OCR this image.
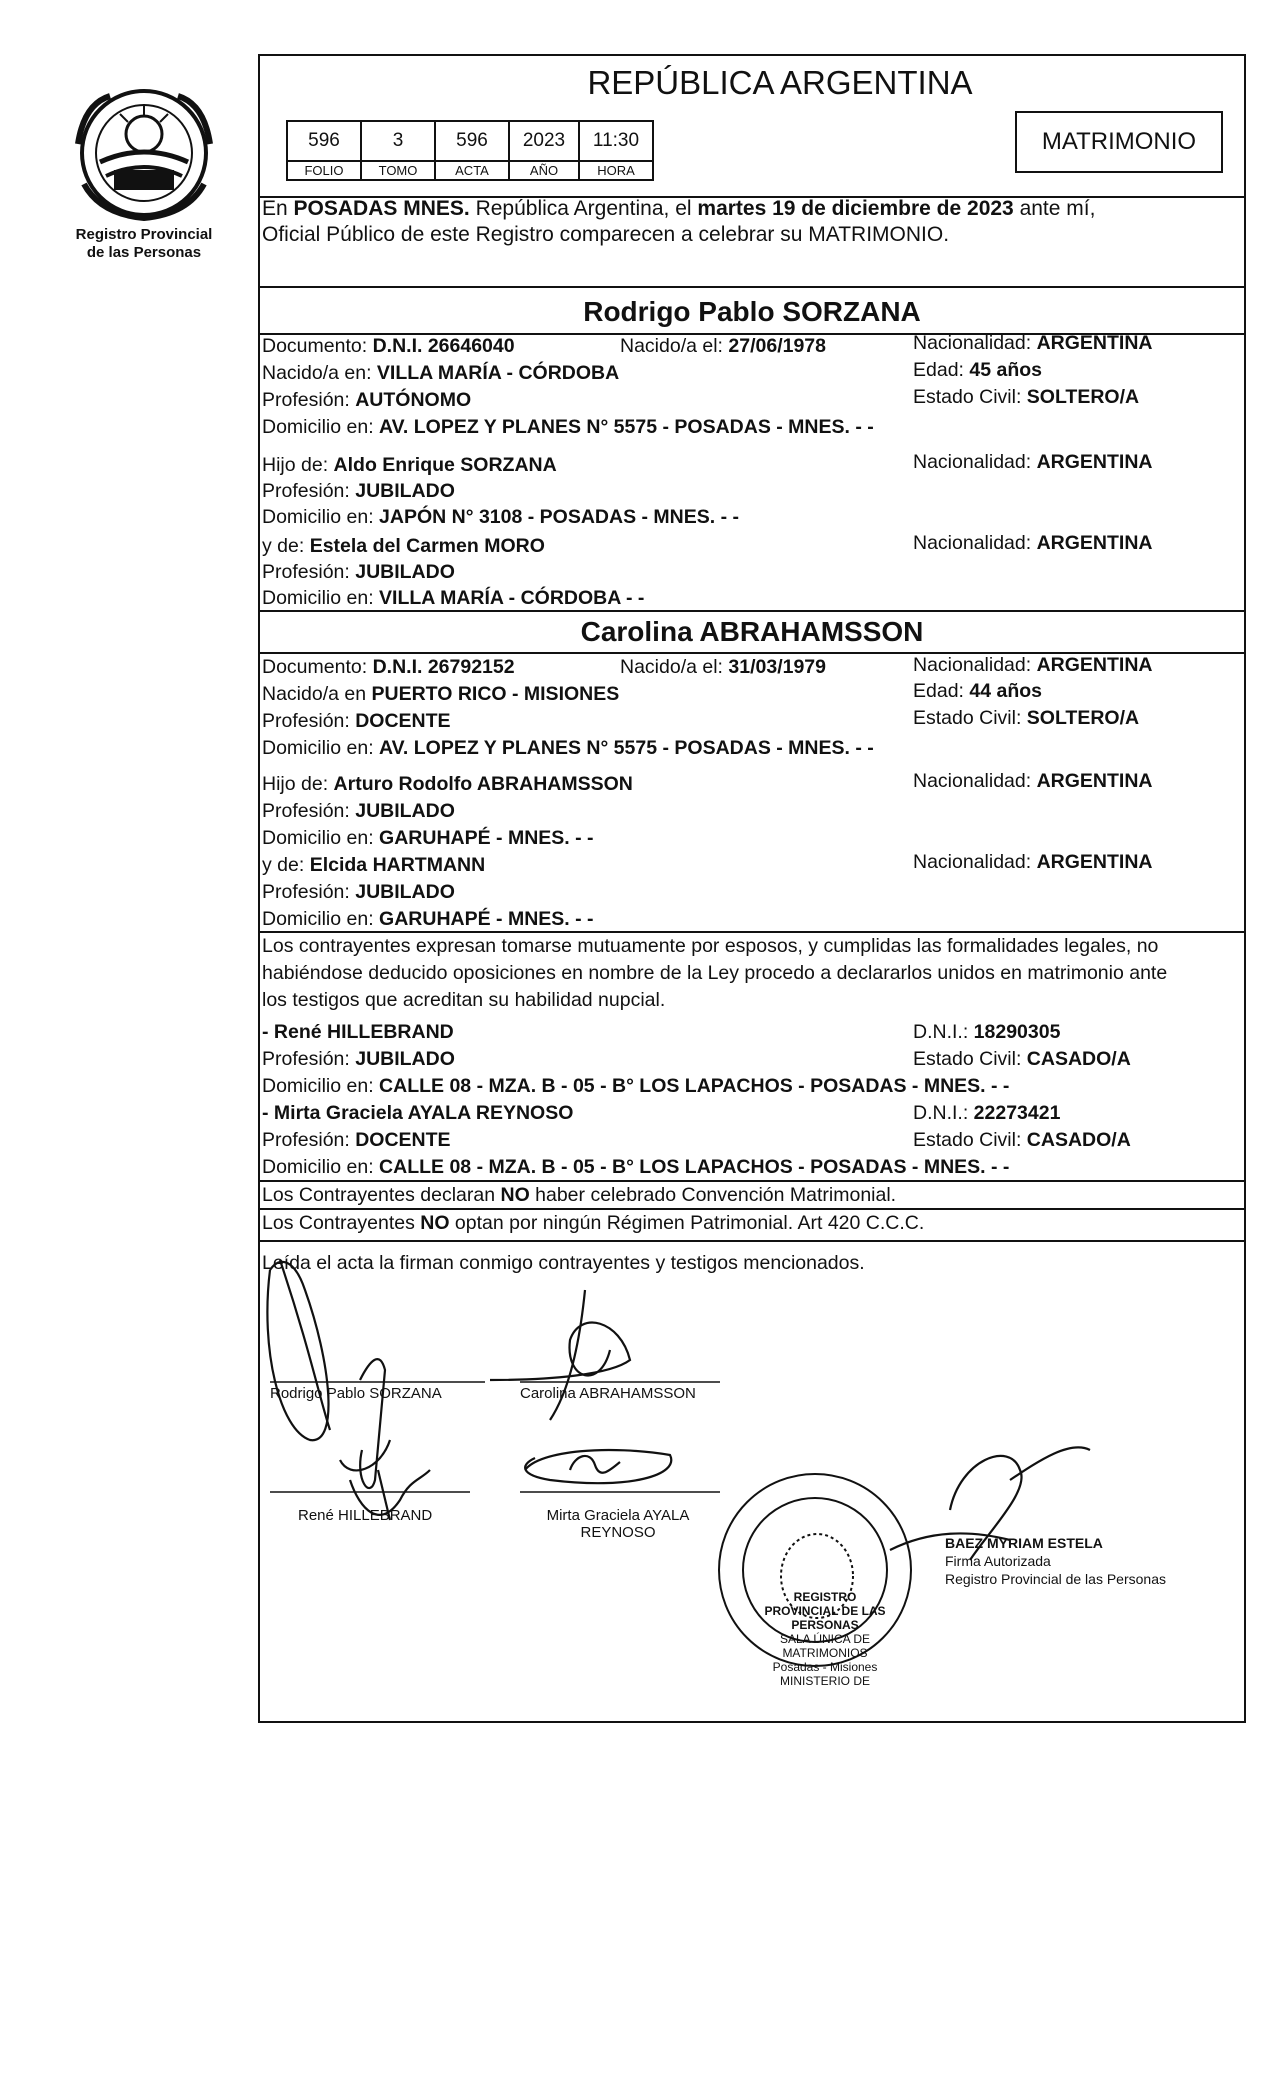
Registro Provincial
de las Personas
REPÚBLICA ARGENTINA
596	3	596	2023	11:30
FOLIO	TOMO	ACTA	AÑO	HORA
MATRIMONIO
En POSADAS MNES. República Argentina, el martes 19 de diciembre de 2023 ante mí,
Oficial Público de este Registro comparecen a celebrar su MATRIMONIO.
Rodrigo Pablo SORZANA
Documento: D.N.I. 26646040	Nacido/a el: 27/06/1978	Nacionalidad: ARGENTINA
Nacido/a en: VILLA MARÍA - CÓRDOBA	Edad: 45 años
Profesión: AUTÓNOMO	Estado Civil: SOLTERO/A
Domicilio en: AV. LOPEZ Y PLANES N° 5575 - POSADAS - MNES. - -
Hijo de: Aldo Enrique SORZANA	Nacionalidad: ARGENTINA
Profesión: JUBILADO
Domicilio en: JAPÓN N° 3108 - POSADAS - MNES. - -
y de: Estela del Carmen MORO	Nacionalidad: ARGENTINA
Profesión: JUBILADO
Domicilio en: VILLA MARÍA - CÓRDOBA - -
Carolina ABRAHAMSSON
Documento: D.N.I. 26792152	Nacido/a el: 31/03/1979	Nacionalidad: ARGENTINA
Nacido/a en PUERTO RICO - MISIONES	Edad: 44 años
Profesión: DOCENTE	Estado Civil: SOLTERO/A
Domicilio en: AV. LOPEZ Y PLANES N° 5575 - POSADAS - MNES. - -
Hijo de: Arturo Rodolfo ABRAHAMSSON	Nacionalidad: ARGENTINA
Profesión: JUBILADO
Domicilio en: GARUHAPÉ - MNES. - -
y de: Elcida HARTMANN	Nacionalidad: ARGENTINA
Profesión: JUBILADO
Domicilio en: GARUHAPÉ - MNES. - -
Los contrayentes expresan tomarse mutuamente por esposos, y cumplidas las formalidades legales, no
habiéndose deducido oposiciones en nombre de la Ley procedo a declararlos unidos en matrimonio ante
los testigos que acreditan su habilidad nupcial.
- René HILLEBRAND	D.N.I.: 18290305
Profesión: JUBILADO	Estado Civil: CASADO/A
Domicilio en: CALLE 08 - MZA. B - 05 - B° LOS LAPACHOS - POSADAS - MNES. - -
- Mirta Graciela AYALA REYNOSO	D.N.I.: 22273421
Profesión: DOCENTE	Estado Civil: CASADO/A
Domicilio en: CALLE 08 - MZA. B - 05 - B° LOS LAPACHOS - POSADAS - MNES. - -
Los Contrayentes declaran NO haber celebrado Convención Matrimonial.
Los Contrayentes NO optan por ningún Régimen Patrimonial. Art 420 C.C.C.
Leída el acta la firman conmigo contrayentes y testigos mencionados.
Rodrigo Pablo SORZANA	Carolina ABRAHAMSSON
René HILLEBRAND	Mirta Graciela AYALA
REYNOSO
REGISTRO PROVINCIAL DE LAS PERSONAS
SALA ÚNICA DE MATRIMONIOS
Posadas - Misiones
MINISTERIO DE
BAEZ MYRIAM ESTELA
Firma Autorizada
Registro Provincial de las Personas
